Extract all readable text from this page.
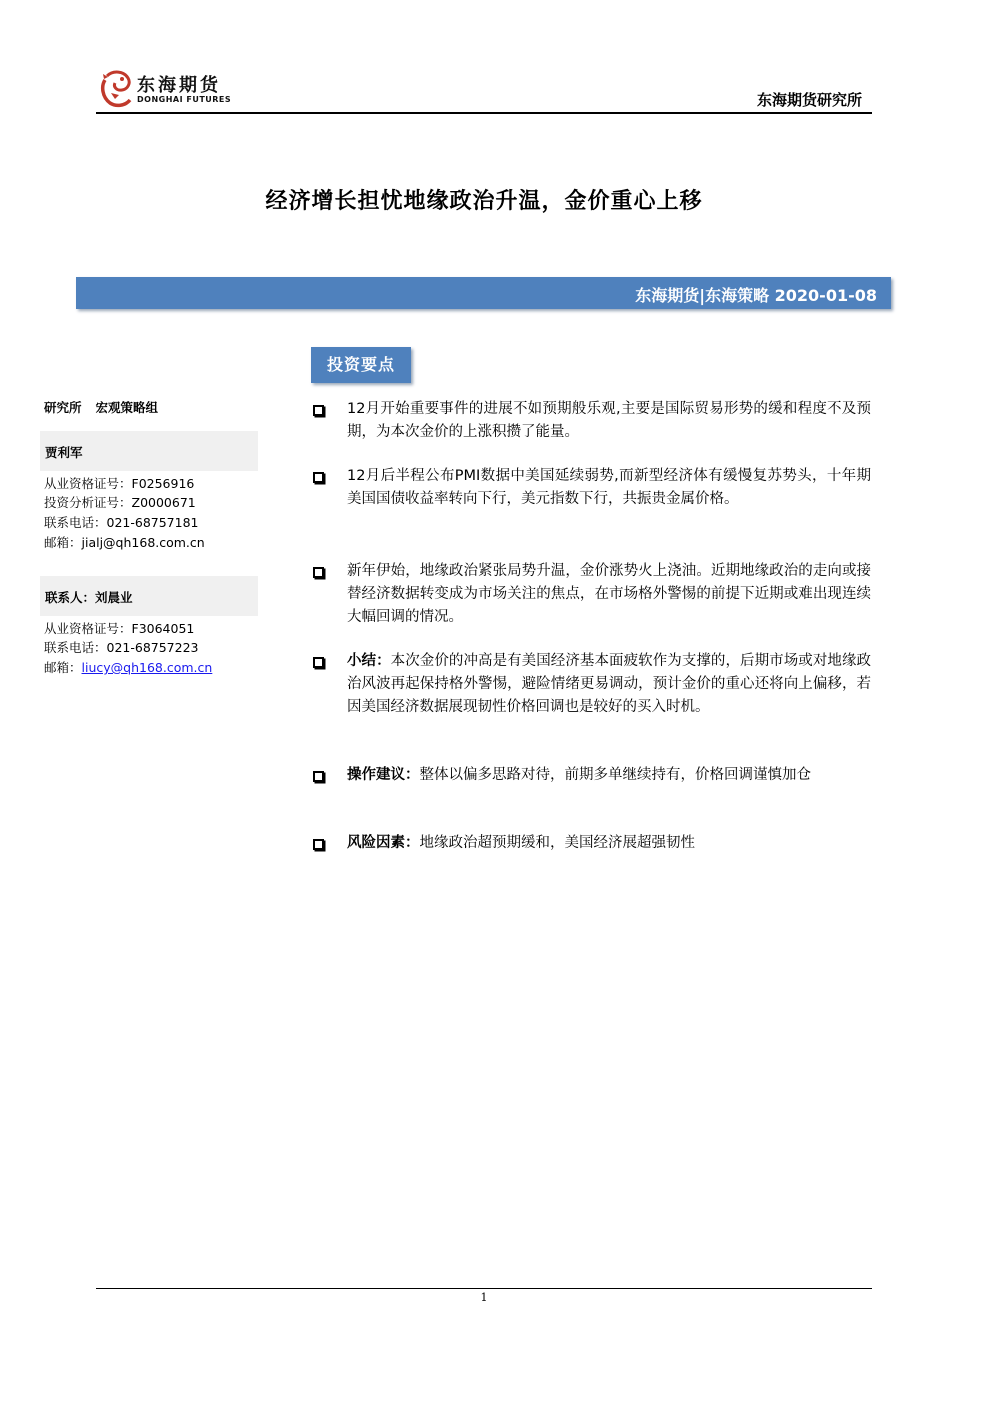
东海期货
DONGHAI FUTURES	东海期货研究所
经济增长担忧地缘政治升温，金价重心上移
东海期货|东海策略 2020-01-08
投资要点
研究所 宏观策略组
贾利军
从业资格证号：F0256916
投资分析证号：Z0000671
联系电话：021-68757181
邮箱：jialj@qh168.com.cn
联系人：刘晨业
从业资格证号：F3064051
联系电话：021-68757223
邮箱：liucy@qh168.com.cn
12月开始重要事件的进展不如预期般乐观,主要是国际贸易形势的缓和程度不及预期，为本次金价的上涨积攒了能量。
12月后半程公布PMI数据中美国延续弱势,而新型经济体有缓慢复苏势头，十年期美国国债收益率转向下行，美元指数下行，共振贵金属价格。
新年伊始，地缘政治紧张局势升温，金价涨势火上浇油。近期地缘政治的走向或接替经济数据转变成为市场关注的焦点，在市场格外警惕的前提下近期或难出现连续大幅回调的情况。
小结：本次金价的冲高是有美国经济基本面疲软作为支撑的，后期市场或对地缘政治风波再起保持格外警惕，避险情绪更易调动，预计金价的重心还将向上偏移，若因美国经济数据展现韧性价格回调也是较好的买入时机。
操作建议：整体以偏多思路对待，前期多单继续持有，价格回调谨慎加仓
风险因素：地缘政治超预期缓和，美国经济展超强韧性
1
